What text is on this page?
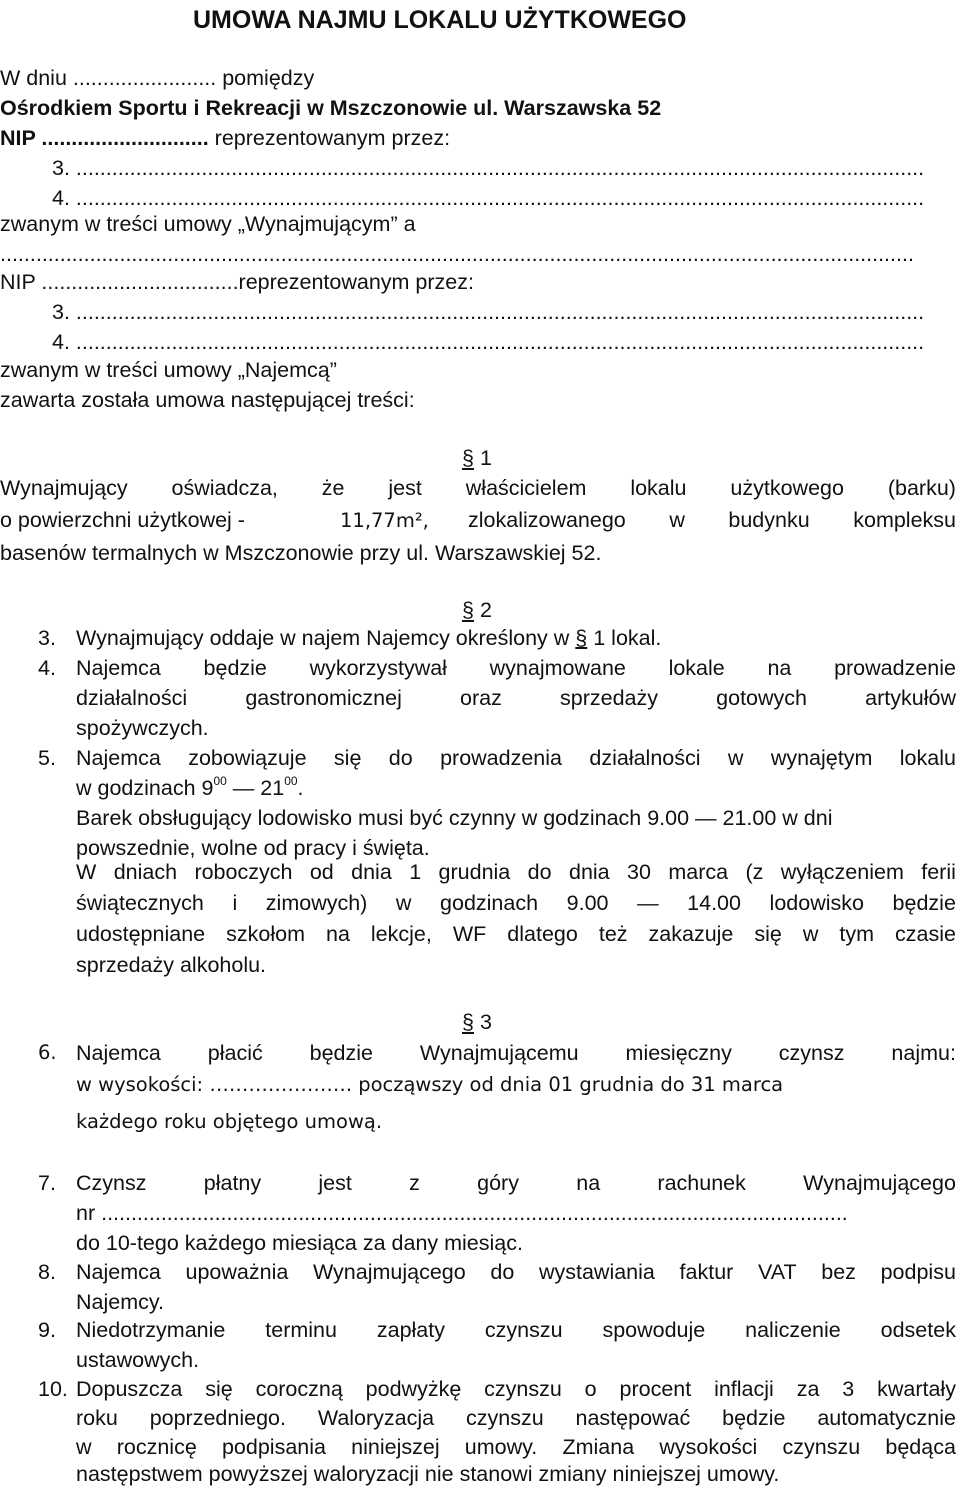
UMOWA NAJMU LOKALU UŻYTKOWEGO
W dniu ........................ pomiędzy
Ośrodkiem Sportu i Rekreacji w Mszczonowie ul. Warszawska 52
NIP ............................ reprezentowanym przez:
3. ..............................................................................................................................................
4. ..............................................................................................................................................
zwanym w treści umowy „Wynajmującym” a
.........................................................................................................................................................
NIP .................................reprezentowanym przez:
3. ..............................................................................................................................................
4. ..............................................................................................................................................
zwanym w treści umowy „Najemcą”
zawarta została umowa następującej treści:
§ 1
Wynajmujący oświadcza, że jest właścicielem lokalu użytkowego (barku)
o powierzchni użytkowej -	11,77m², zlokalizowanego w budynku kompleksu
basenów termalnych w Mszczonowie przy ul. Warszawskiej 52.
§ 2
3. Wynajmujący oddaje w najem Najemcy określony w § 1 lokal.
4. Najemca będzie wykorzystywał wynajmowane lokale na prowadzenie
działalności	gastronomicznej	oraz	sprzedaży	gotowych	artykułów
spożywczych.
5. Najemca zobowiązuje się do prowadzenia działalności w wynajętym lokalu
w godzinach $9^{00}$ — $21^{00}$.
Barek obsługujący lodowisko musi być czynny w godzinach 9.00 — 21.00 w dni
powszednie, wolne od pracy i święta.
W dniach roboczych od dnia 1 grudnia do dnia 30 marca (z wyłączeniem ferii
świątecznych i zimowych) w godzinach 9.00 — 14.00 lodowisko będzie
udostępniane szkołom na lekcje, WF dlatego też zakazuje się w tym czasie
sprzedaży alkoholu.
§ 3
6. Najemca płacić będzie Wynajmującemu miesięczny czynsz najmu:
w wysokości: …………………. począwszy od dnia 01 grudnia do 31 marca
każdego roku objętego umową.
7. Czynsz	płatny	jest	z	góry	na	rachunek	Wynajmującego
nr .............................................................................................................................
do 10-tego każdego miesiąca za dany miesiąc.
8. Najemca upoważnia Wynajmującego do wystawiania faktur VAT bez podpisu
Najemcy.
9. Niedotrzymanie terminu zapłaty czynszu spowoduje naliczenie odsetek
ustawowych.
10. Dopuszcza się coroczną podwyżkę czynszu o procent inflacji za 3 kwartały
roku poprzedniego. Waloryzacja czynszu następować będzie automatycznie
w rocznicę podpisania niniejszej umowy. Zmiana wysokości czynszu będąca
następstwem powyższej waloryzacji nie stanowi zmiany niniejszej umowy.
